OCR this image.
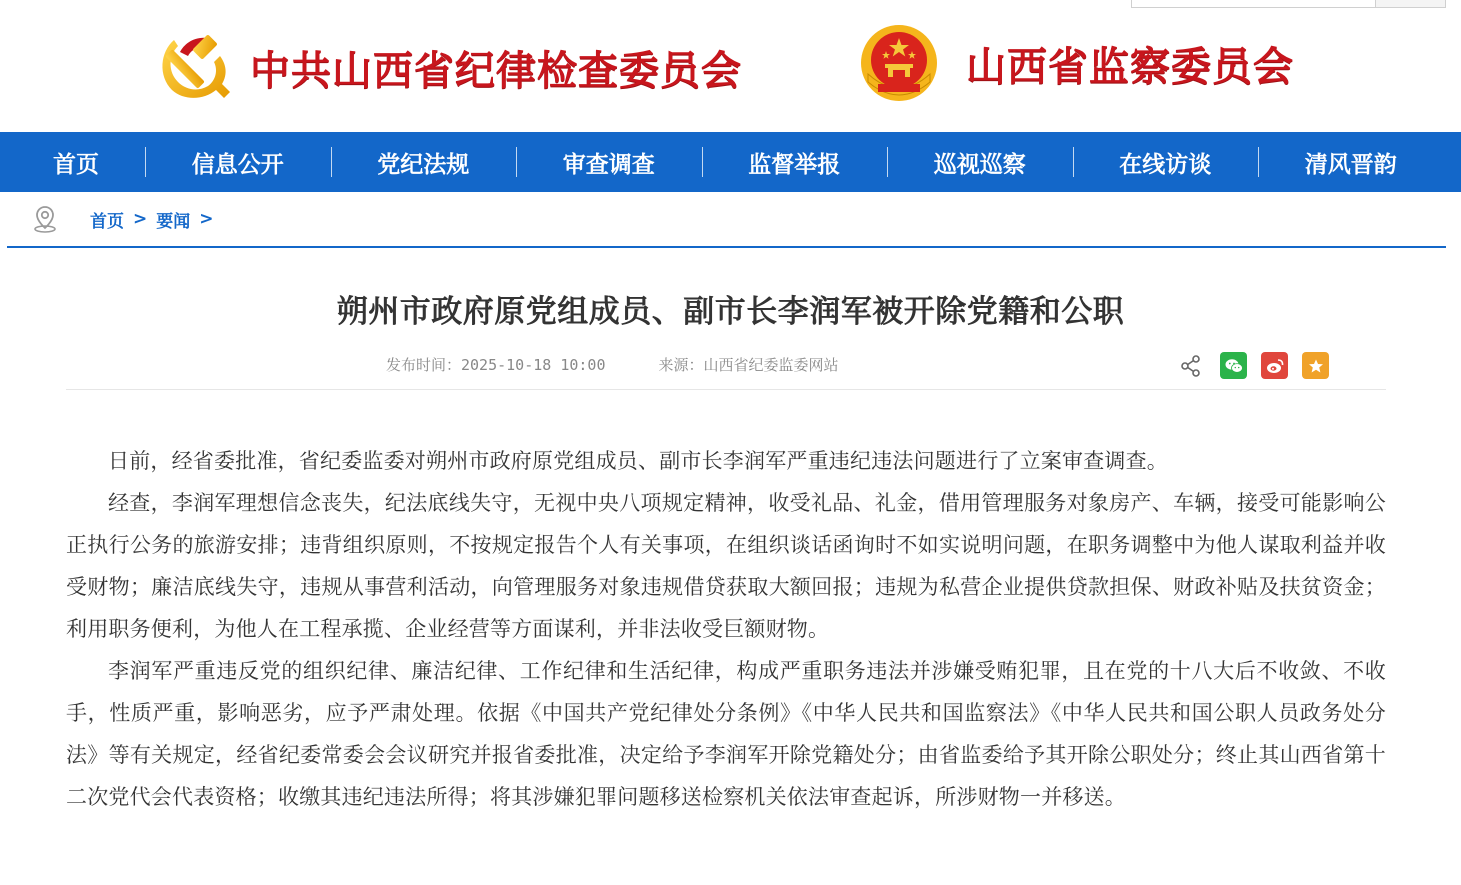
中共山西省纪律检查委员会	山西省监察委员会
首页	信息公开	党纪法规	审查调查	监督举报	巡视巡察	在线访谈	清风晋韵
首页 > 要闻 >
朔州市政府原党组成员、副市长李润军被开除党籍和公职
发布时间：2025-10-18 10:00	来源：山西省纪委监委网站

日前，经省委批准，省纪委监委对朔州市政府原党组成员、副市长李润军严重违纪违法问题进行了立案审查调查。

经查，李润军理想信念丧失，纪法底线失守，无视中央八项规定精神，收受礼品、礼金，借用管理服务对象房产、车辆，接受可能影响公正执行公务的旅游安排；违背组织原则，不按规定报告个人有关事项，在组织谈话函询时不如实说明问题，在职务调整中为他人谋取利益并收受财物；廉洁底线失守，违规从事营利活动，向管理服务对象违规借贷获取大额回报；违规为私营企业提供贷款担保、财政补贴及扶贫资金；利用职务便利，为他人在工程承揽、企业经营等方面谋利，并非法收受巨额财物。

李润军严重违反党的组织纪律、廉洁纪律、工作纪律和生活纪律，构成严重职务违法并涉嫌受贿犯罪，且在党的十八大后不收敛、不收手，性质严重，影响恶劣，应予严肃处理。依据《中国共产党纪律处分条例》《中华人民共和国监察法》《中华人民共和国公职人员政务处分法》等有关规定，经省纪委常委会会议研究并报省委批准，决定给予李润军开除党籍处分；由省监委给予其开除公职处分；终止其山西省第十二次党代会代表资格；收缴其违纪违法所得；将其涉嫌犯罪问题移送检察机关依法审查起诉，所涉财物一并移送。
